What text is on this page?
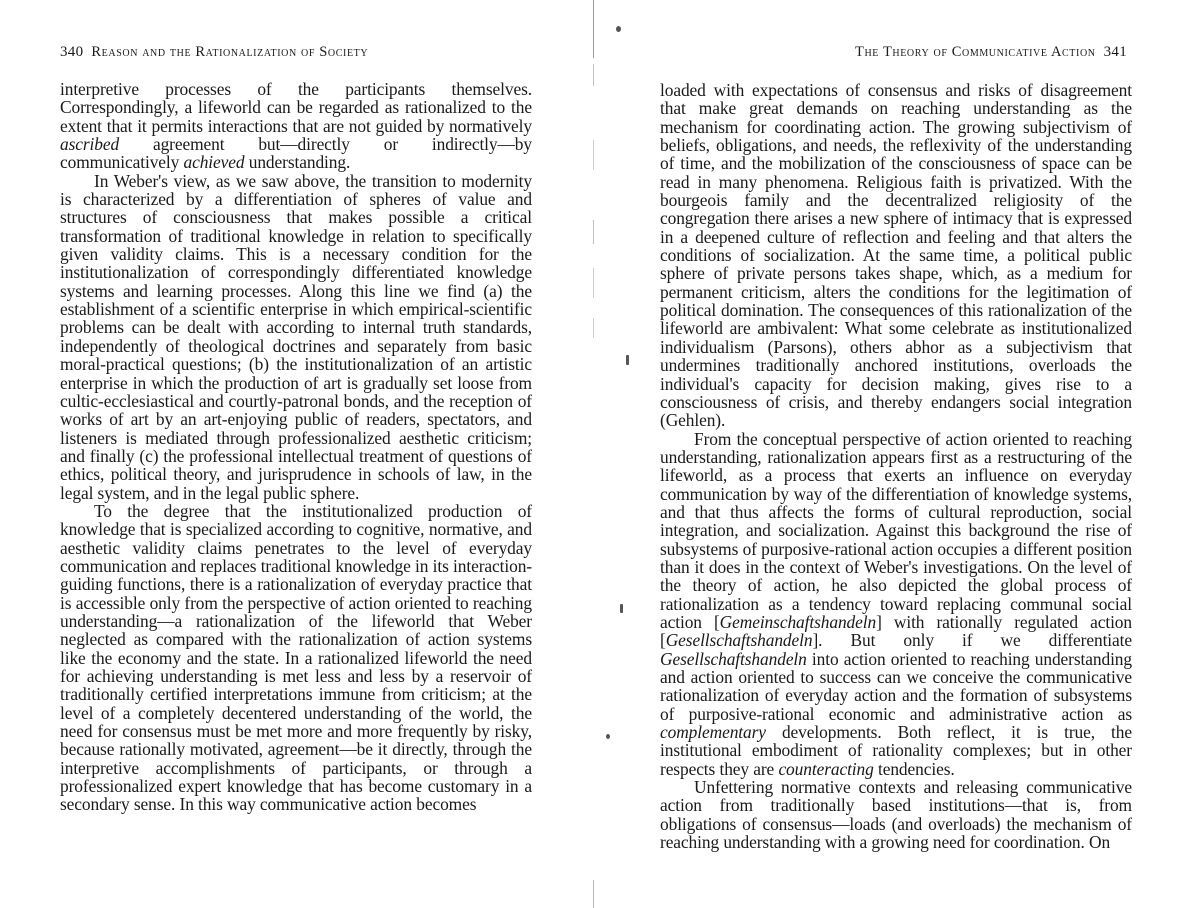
340 Reason and the Rationalization of Society

interpretive processes of the participants themselves. Correspondingly, a lifeworld can be regarded as rationalized to the extent that it permits interactions that are not guided by normatively ascribed agreement but—directly or indirectly—by communicatively achieved understanding.

In Weber's view, as we saw above, the transition to modernity is characterized by a differentiation of spheres of value and structures of consciousness that makes possible a critical transformation of traditional knowledge in relation to specifically given validity claims. This is a necessary condition for the institutionalization of correspondingly differentiated knowledge systems and learning processes. Along this line we find (a) the establishment of a scientific enterprise in which empirical-scientific problems can be dealt with according to internal truth standards, independently of theological doctrines and separately from basic moral-practical questions; (b) the institutionalization of an artistic enterprise in which the production of art is gradually set loose from cultic-ecclesiastical and courtly-patronal bonds, and the reception of works of art by an art-enjoying public of readers, spectators, and listeners is mediated through professionalized aesthetic criticism; and finally (c) the professional intellectual treatment of questions of ethics, political theory, and jurisprudence in schools of law, in the legal system, and in the legal public sphere.

To the degree that the institutionalized production of knowledge that is specialized according to cognitive, normative, and aesthetic validity claims penetrates to the level of everyday communication and replaces traditional knowledge in its interaction-guiding functions, there is a rationalization of everyday practice that is accessible only from the perspective of action oriented to reaching understanding—a rationalization of the lifeworld that Weber neglected as compared with the rationalization of action systems like the economy and the state. In a rationalized lifeworld the need for achieving understanding is met less and less by a reservoir of traditionally certified interpretations immune from criticism; at the level of a completely decentered understanding of the world, the need for consensus must be met more and more frequently by risky, because rationally motivated, agreement—be it directly, through the interpretive accomplishments of participants, or through a professionalized expert knowledge that has become customary in a secondary sense. In this way communicative action becomes

The Theory of Communicative Action 341

loaded with expectations of consensus and risks of disagreement that make great demands on reaching understanding as the mechanism for coordinating action. The growing subjectivism of beliefs, obligations, and needs, the reflexivity of the understanding of time, and the mobilization of the consciousness of space can be read in many phenomena. Religious faith is privatized. With the bourgeois family and the decentralized religiosity of the congregation there arises a new sphere of intimacy that is expressed in a deepened culture of reflection and feeling and that alters the conditions of socialization. At the same time, a political public sphere of private persons takes shape, which, as a medium for permanent criticism, alters the conditions for the legitimation of political domination. The consequences of this rationalization of the lifeworld are ambivalent: What some celebrate as institutionalized individualism (Parsons), others abhor as a subjectivism that undermines traditionally anchored institutions, overloads the individual's capacity for decision making, gives rise to a consciousness of crisis, and thereby endangers social integration (Gehlen).

From the conceptual perspective of action oriented to reaching understanding, rationalization appears first as a restructuring of the lifeworld, as a process that exerts an influence on everyday communication by way of the differentiation of knowledge systems, and that thus affects the forms of cultural reproduction, social integration, and socialization. Against this background the rise of subsystems of purposive-rational action occupies a different position than it does in the context of Weber's investigations. On the level of the theory of action, he also depicted the global process of rationalization as a tendency toward replacing communal social action [Gemeinschaftshandeln] with rationally regulated action [Gesellschaftshandeln]. But only if we differentiate Gesellschaftshandeln into action oriented to reaching understanding and action oriented to success can we conceive the communicative rationalization of everyday action and the formation of subsystems of purposive-rational economic and administrative action as complementary developments. Both reflect, it is true, the institutional embodiment of rationality complexes; but in other respects they are counteracting tendencies.

Unfettering normative contexts and releasing communicative action from traditionally based institutions—that is, from obligations of consensus—loads (and overloads) the mechanism of reaching understanding with a growing need for coordination. On
